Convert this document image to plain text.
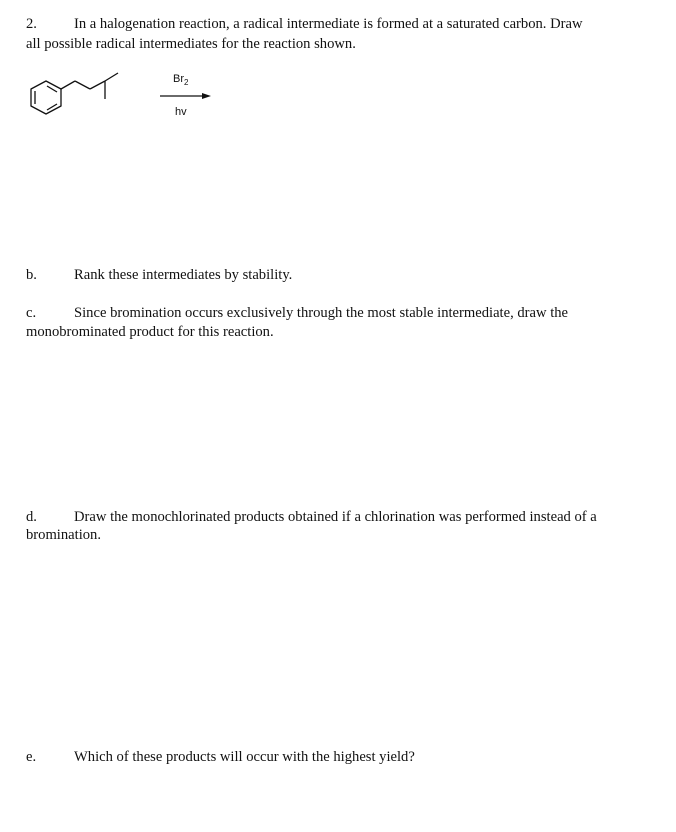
2.	In a halogenation reaction, a radical intermediate is formed at a saturated carbon. Draw
all possible radical intermediates for the reaction shown.
$Br_2$
hv
b.	Rank these intermediates by stability.
c.	Since bromination occurs exclusively through the most stable intermediate, draw the
monobrominated product for this reaction.
d.	Draw the monochlorinated products obtained if a chlorination was performed instead of a
bromination.
e.	Which of these products will occur with the highest yield?
